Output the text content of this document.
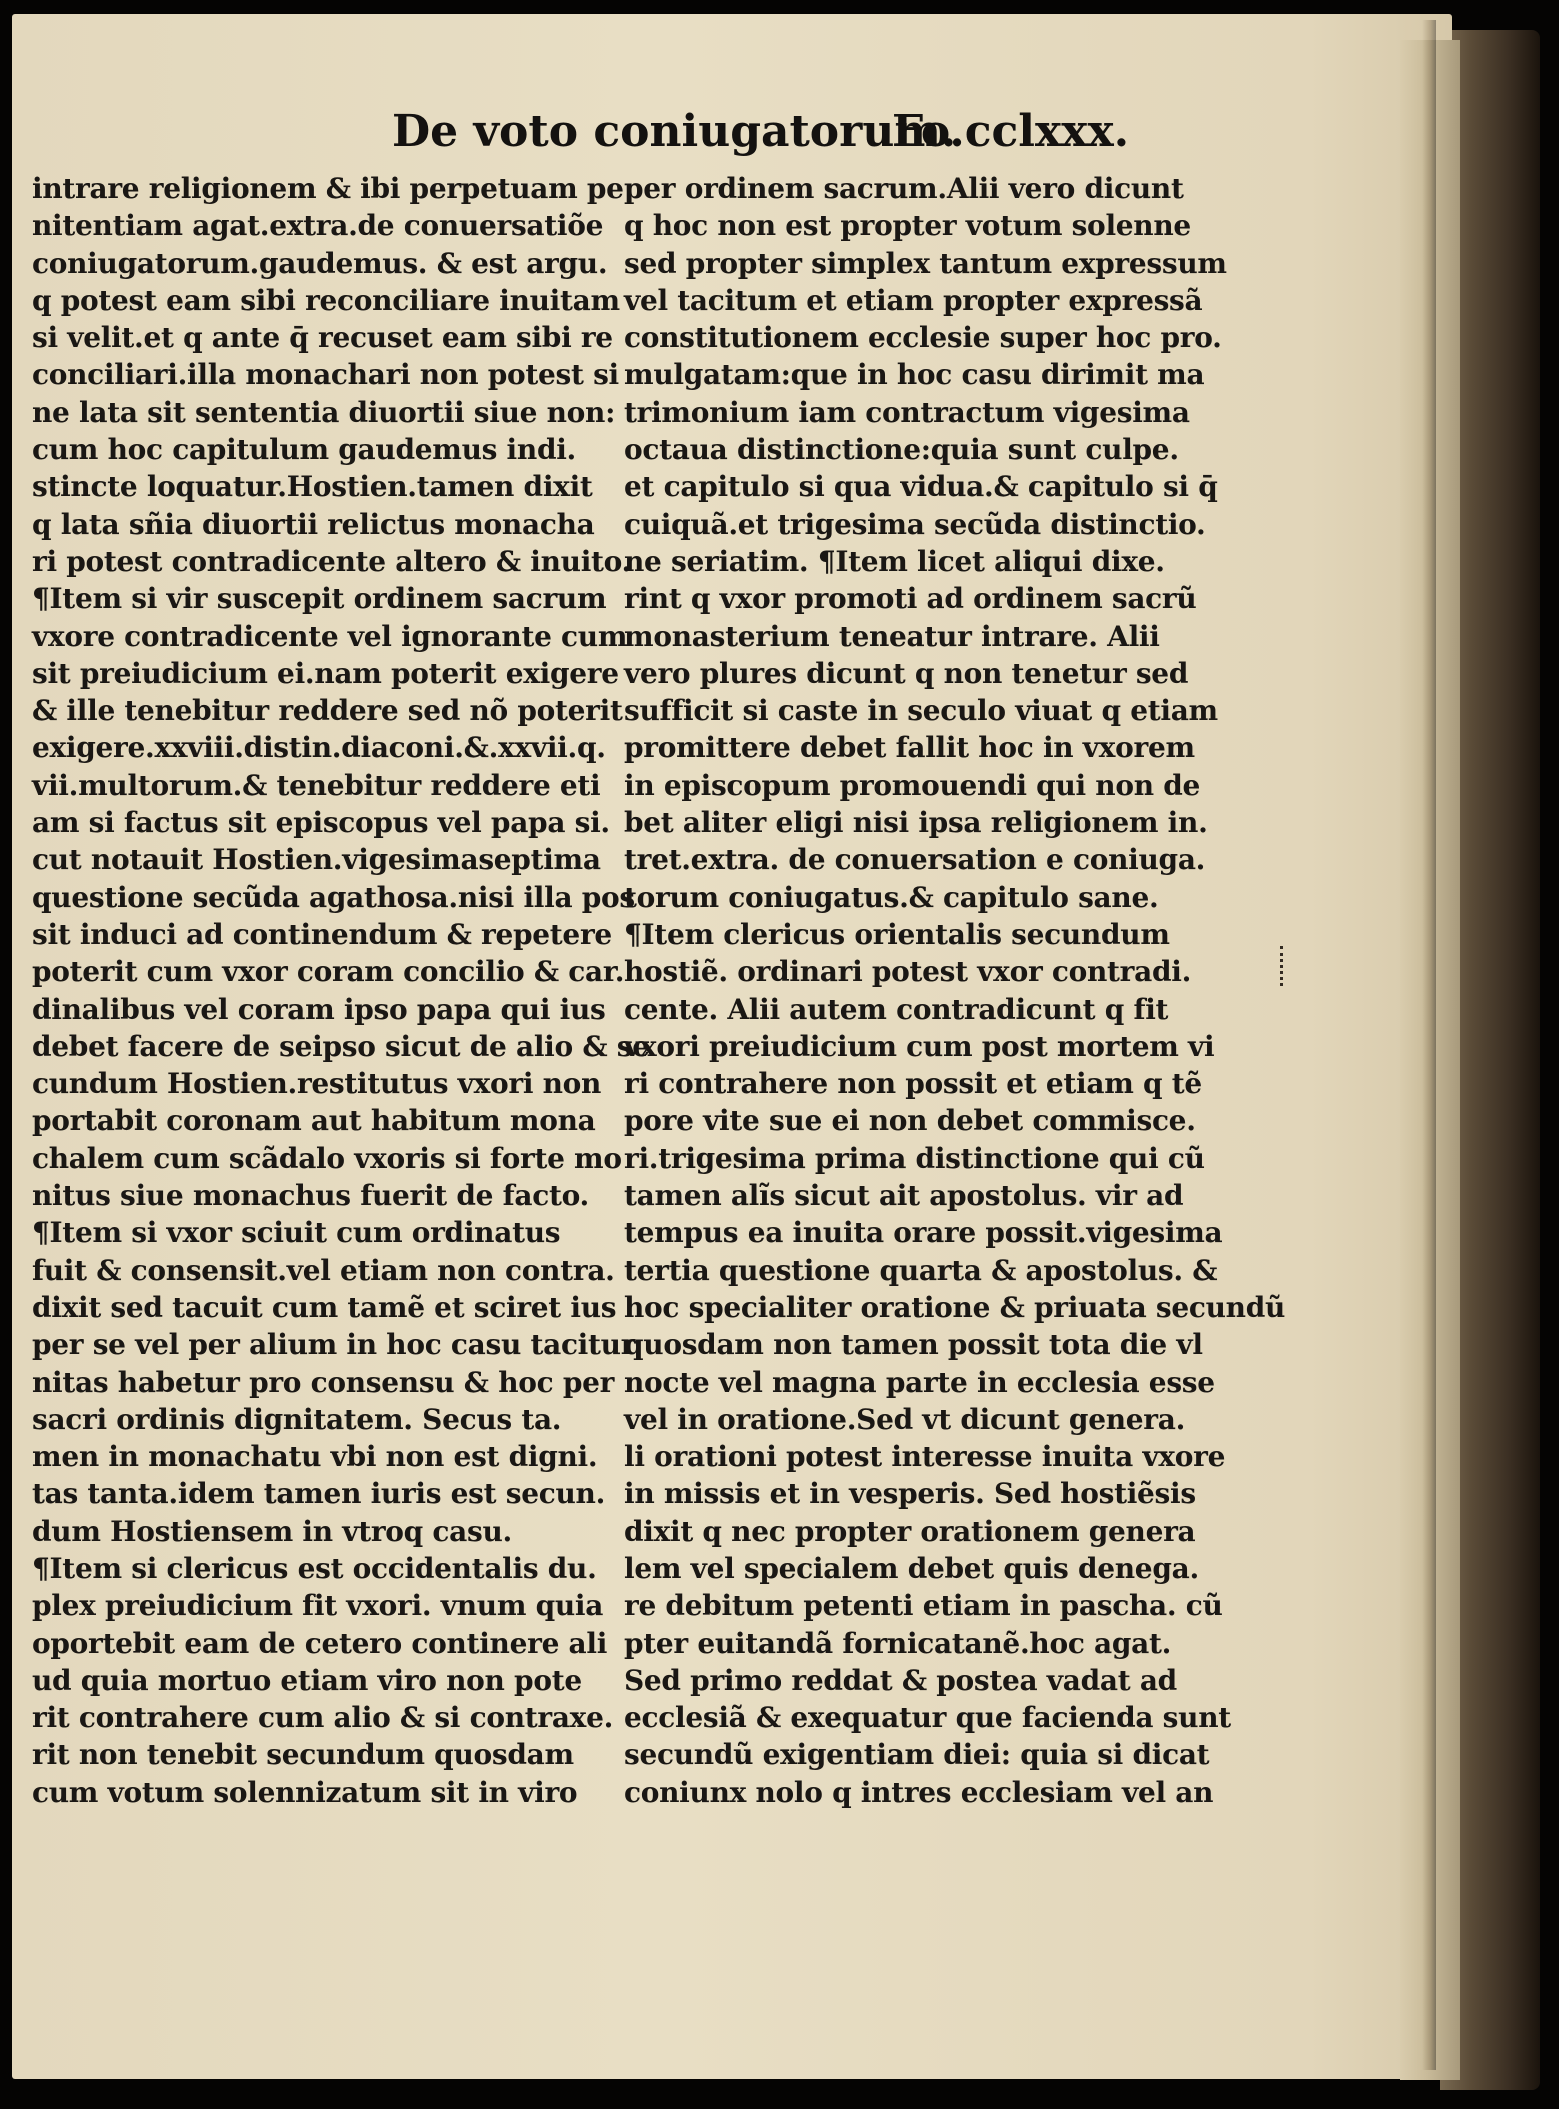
De voto coniugatorum.
Fo.cclxxx.
intrare religionem & ibi perpetuam pe
nitentiam agat.extra.de conuersatiõe
coniugatorum.gaudemus. & est argu.
q potest eam sibi reconciliare inuitam
si velit.et q ante q̄ recuset eam sibi re
conciliari.illa monachari non potest si
ne lata sit sententia diuortii siue non:
cum hoc capitulum gaudemus indi.
stincte loquatur.Hostien.tamen dixit
q lata sñia diuortii relictus monacha
ri potest contradicente altero & inuito.
¶Item si vir suscepit ordinem sacrum
vxore contradicente vel ignorante cum
sit preiudicium ei.nam poterit exigere
& ille tenebitur reddere sed nõ poterit
exigere.xxviii.distin.diaconi.&.xxvii.q.
vii.multorum.& tenebitur reddere eti
am si factus sit episcopus vel papa si.
cut notauit Hostien.vigesimaseptima
questione secũda agathosa.nisi illa pos
sit induci ad continendum & repetere
poterit cum vxor coram concilio & car.
dinalibus vel coram ipso papa qui ius
debet facere de seipso sicut de alio & se
cundum Hostien.restitutus vxori non
portabit coronam aut habitum mona
chalem cum scãdalo vxoris si forte mo
nitus siue monachus fuerit de facto.
¶Item si vxor sciuit cum ordinatus
fuit & consensit.vel etiam non contra.
dixit sed tacuit cum tamẽ et sciret ius
per se vel per alium in hoc casu tacitur
nitas habetur pro consensu & hoc per
sacri ordinis dignitatem. Secus ta.
men in monachatu vbi non est digni.
tas tanta.idem tamen iuris est secun.
dum Hostiensem in vtroq casu.
¶Item si clericus est occidentalis du.
plex preiudicium fit vxori. vnum quia
oportebit eam de cetero continere ali
ud quia mortuo etiam viro non pote
rit contrahere cum alio & si contraxe.
rit non tenebit secundum quosdam
cum votum solennizatum sit in viro
per ordinem sacrum.Alii vero dicunt
q hoc non est propter votum solenne
sed propter simplex tantum expressum
vel tacitum et etiam propter expressã
constitutionem ecclesie super hoc pro.
mulgatam:que in hoc casu dirimit ma
trimonium iam contractum vigesima
octaua distinctione:quia sunt culpe.
et capitulo si qua vidua.& capitulo si q̄
cuiquã.et trigesima secũda distinctio.
ne seriatim. ¶Item licet aliqui dixe.
rint q vxor promoti ad ordinem sacrũ
monasterium teneatur intrare. Alii
vero plures dicunt q non tenetur sed
sufficit si caste in seculo viuat q etiam
promittere debet fallit hoc in vxorem
in episcopum promouendi qui non de
bet aliter eligi nisi ipsa religionem in.
tret.extra. de conuersation e coniuga.
torum coniugatus.& capitulo sane.
¶Item clericus orientalis secundum
hostiẽ. ordinari potest vxor contradi.
cente. Alii autem contradicunt q fit
vxori preiudicium cum post mortem vi
ri contrahere non possit et etiam q tẽ
pore vite sue ei non debet commisce.
ri.trigesima prima distinctione qui cũ
tamen alĩs sicut ait apostolus. vir ad
tempus ea inuita orare possit.vigesima
tertia questione quarta & apostolus. &
hoc specialiter oratione & priuata secundũ
quosdam non tamen possit tota die vl
nocte vel magna parte in ecclesia esse
vel in oratione.Sed vt dicunt genera.
li orationi potest interesse inuita vxore
in missis et in vesperis. Sed hostiẽsis
dixit q nec propter orationem genera
lem vel specialem debet quis denega.
re debitum petenti etiam in pascha. cũ
pter euitandã fornicatanẽ.hoc agat.
Sed primo reddat & postea vadat ad
ecclesiã & exequatur que facienda sunt
secundũ exigentiam diei: quia si dicat
coniunx nolo q intres ecclesiam vel an
